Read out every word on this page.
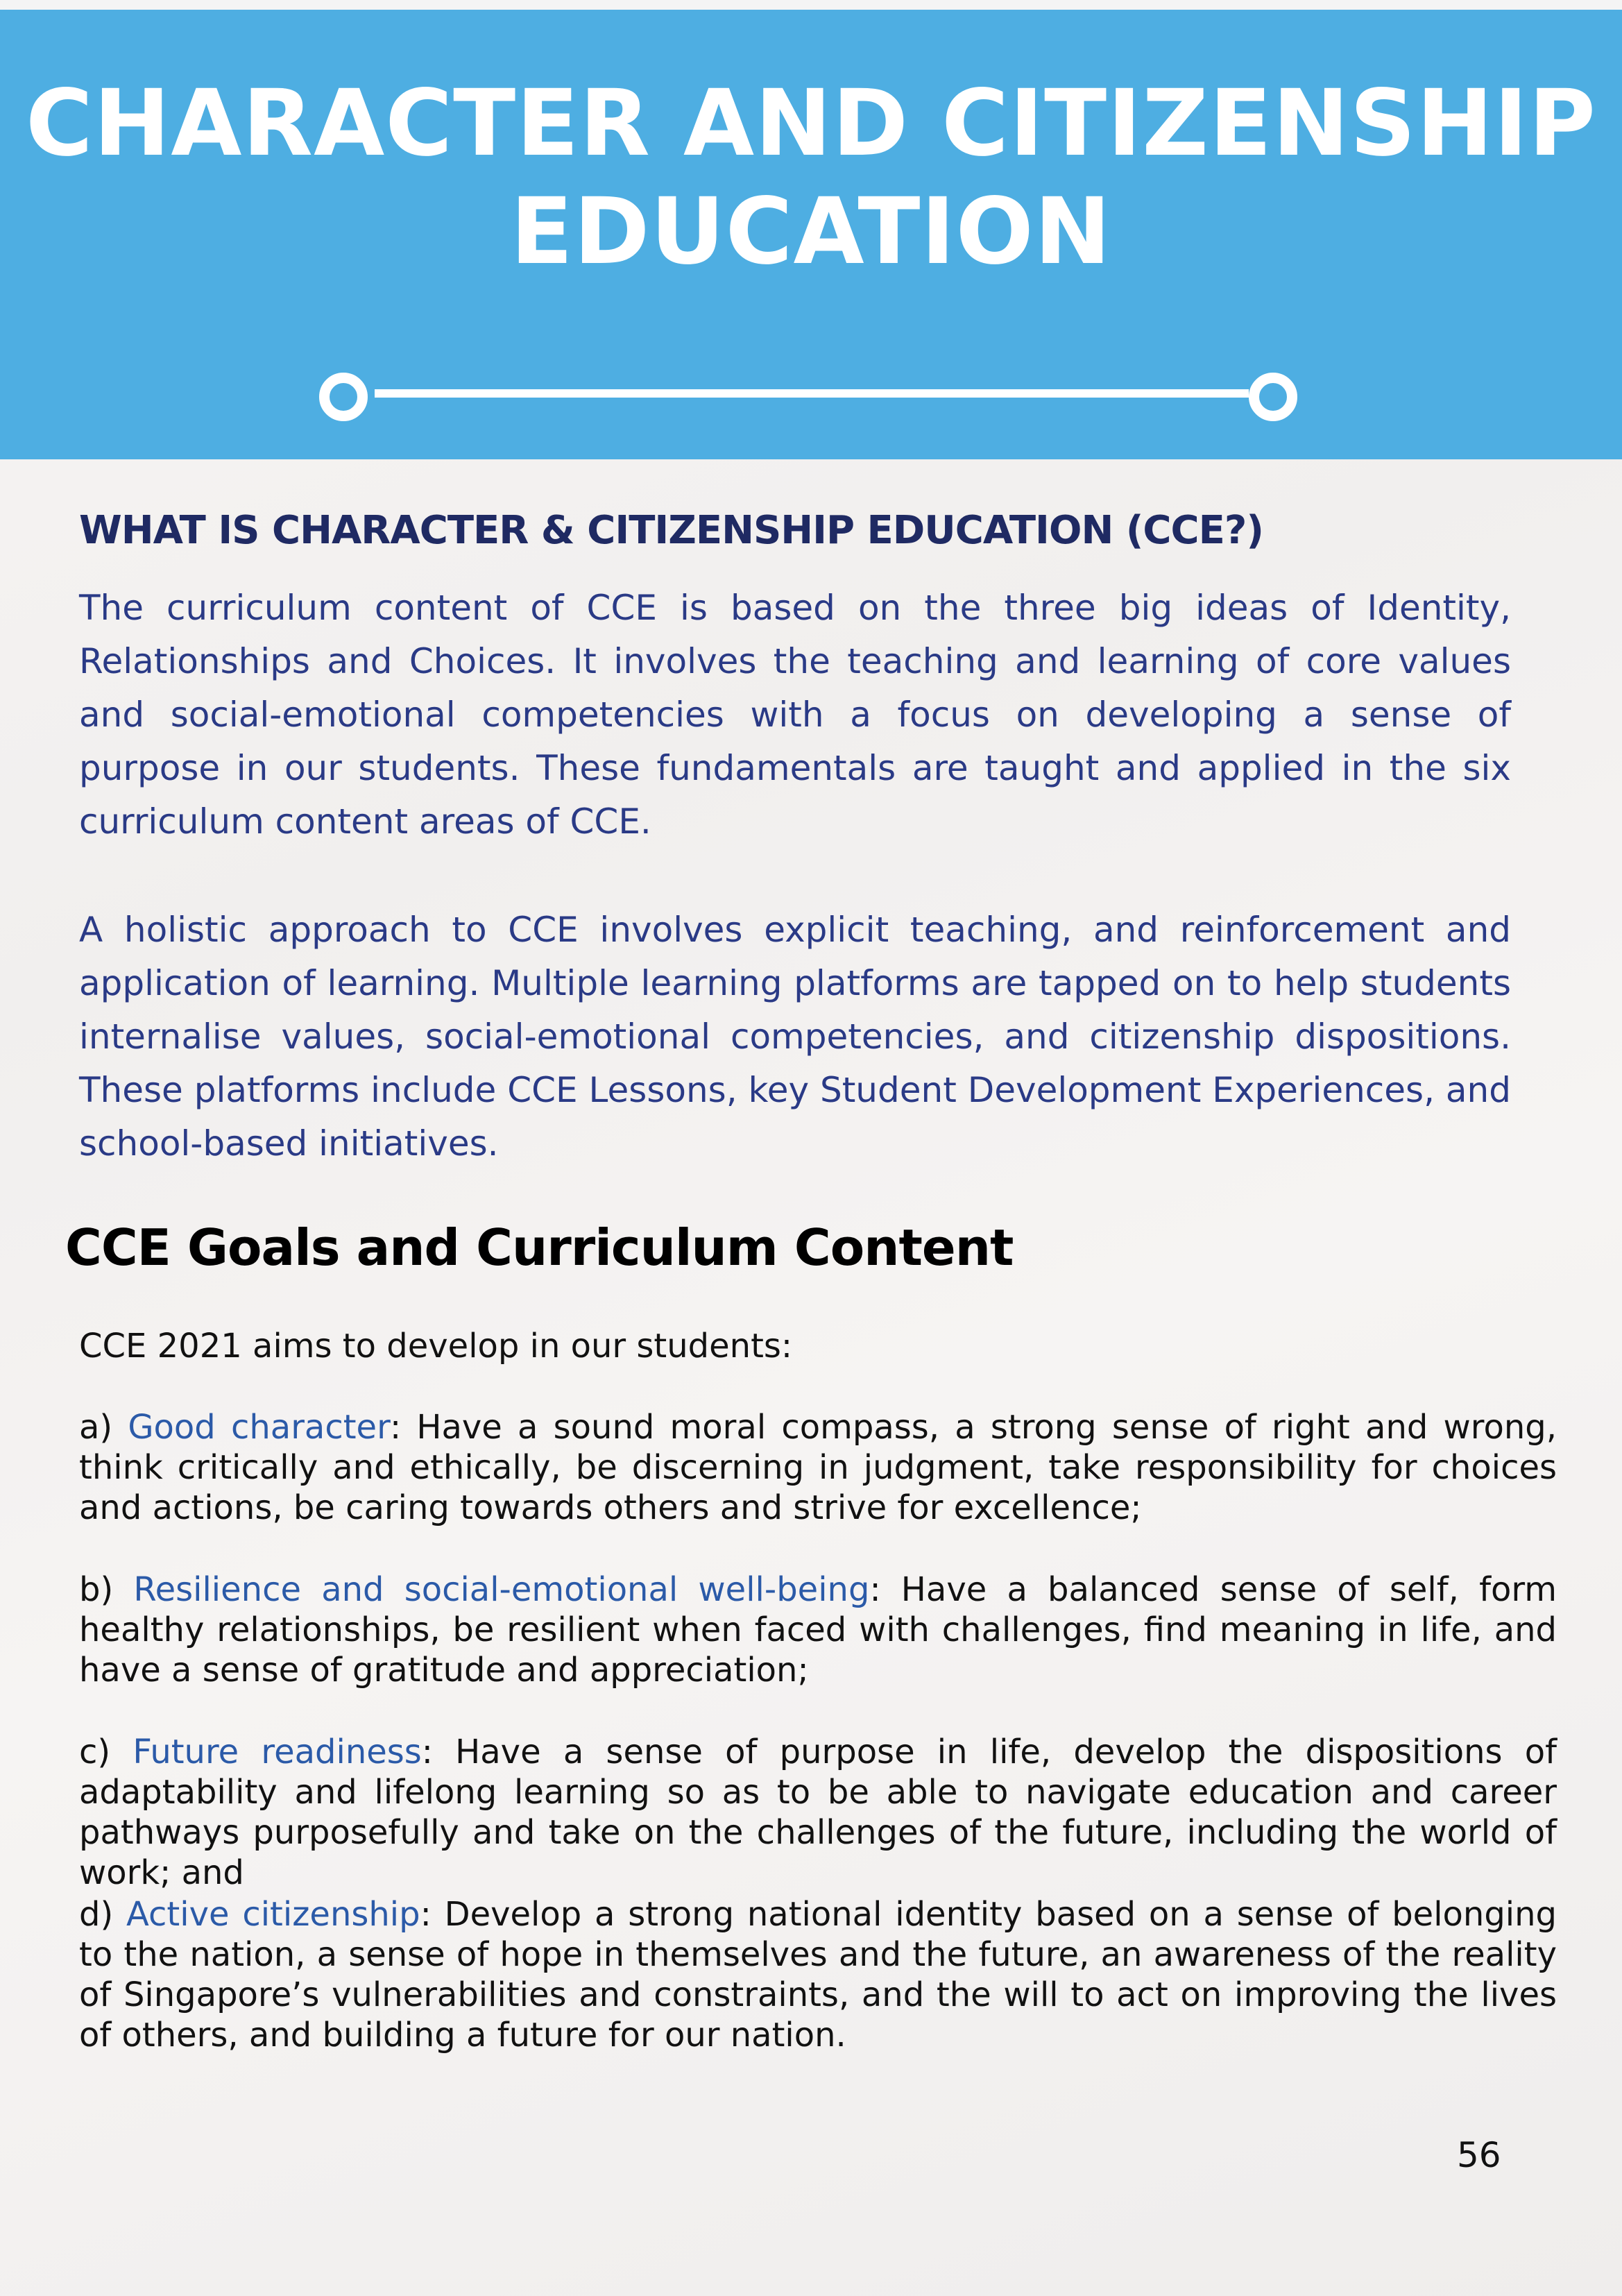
CHARACTER AND CITIZENSHIP
EDUCATION
WHAT IS CHARACTER & CITIZENSHIP EDUCATION (CCE?)

The curriculum content of CCE is based on the three big ideas of Identity, Relationships and Choices. It involves the teaching and learning of core values and social-emotional competencies with a focus on developing a sense of purpose in our students. These fundamentals are taught and applied in the six curriculum content areas of CCE.

A holistic approach to CCE involves explicit teaching, and reinforcement and application of learning. Multiple learning platforms are tapped on to help students internalise values, social-emotional competencies, and citizenship dispositions. These platforms include CCE Lessons, key Student Development Experiences, and school-based initiatives.

CCE Goals and Curriculum Content

CCE 2021 aims to develop in our students:

a) Good character: Have a sound moral compass, a strong sense of right and wrong, think critically and ethically, be discerning in judgment, take responsibility for choices and actions, be caring towards others and strive for excellence;

b) Resilience and social-emotional well-being: Have a balanced sense of self, form healthy relationships, be resilient when faced with challenges, find meaning in life, and have a sense of gratitude and appreciation;

c) Future readiness: Have a sense of purpose in life, develop the dispositions of adaptability and lifelong learning so as to be able to navigate education and career pathways purposefully and take on the challenges of the future, including the world of work; and

d) Active citizenship: Develop a strong national identity based on a sense of belonging to the nation, a sense of hope in themselves and the future, an awareness of the reality of Singapore’s vulnerabilities and constraints, and the will to act on improving the lives of others, and building a future for our nation.

56
